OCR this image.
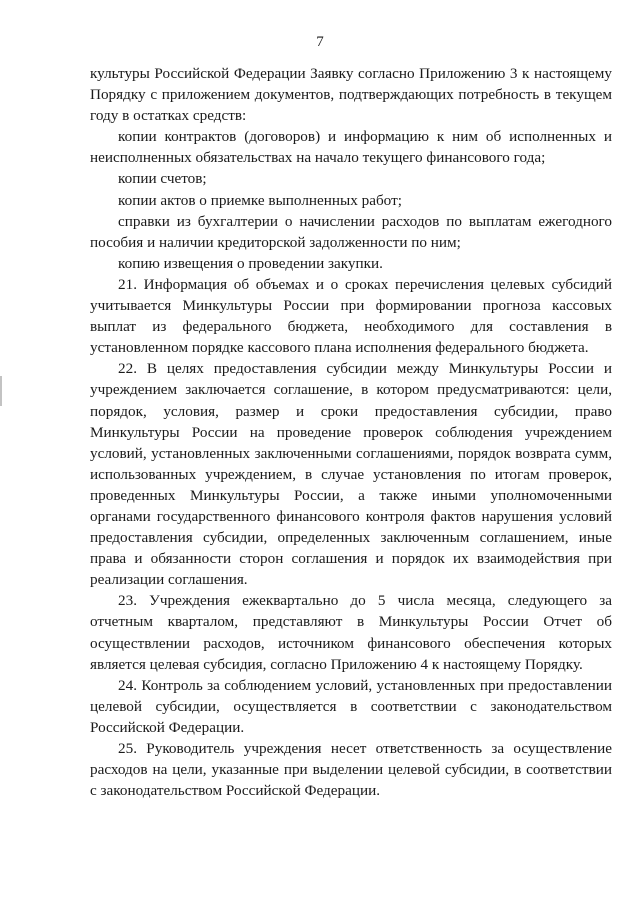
7

культуры Российской Федерации Заявку согласно Приложению 3 к настоящему Порядку с приложением документов, подтверждающих потребность в текущем году в остатках средств:

копии контрактов (договоров) и информацию к ним об исполненных и неисполненных обязательствах на начало текущего финансового года;

копии счетов;

копии актов о приемке выполненных работ;

справки из бухгалтерии о начислении расходов по выплатам ежегодного пособия и наличии кредиторской задолженности по ним;

копию извещения о проведении закупки.

21. Информация об объемах и о сроках перечисления целевых субсидий учитывается Минкультуры России при формировании прогноза кассовых выплат из федерального бюджета, необходимого для составления в установленном порядке кассового плана исполнения федерального бюджета.

22. В целях предоставления субсидии между Минкультуры России и учреждением заключается соглашение, в котором предусматриваются: цели, порядок, условия, размер и сроки предоставления субсидии, право Минкультуры России на проведение проверок соблюдения учреждением условий, установленных заключенными соглашениями, порядок возврата сумм, использованных учреждением, в случае установления по итогам проверок, проведенных Минкультуры России, а также иными уполномоченными органами государственного финансового контроля фактов нарушения условий предоставления субсидии, определенных заключенным соглашением, иные права и обязанности сторон соглашения и порядок их взаимодействия при реализации соглашения.

23. Учреждения ежеквартально до 5 числа месяца, следующего за отчетным кварталом, представляют в Минкультуры России Отчет об осуществлении расходов, источником финансового обеспечения которых является целевая субсидия, согласно Приложению 4 к настоящему Порядку.

24. Контроль за соблюдением условий, установленных при предоставлении целевой субсидии, осуществляется в соответствии с законодательством Российской Федерации.

25. Руководитель учреждения несет ответственность за осуществление расходов на цели, указанные при выделении целевой субсидии, в соответствии с законодательством Российской Федерации.
